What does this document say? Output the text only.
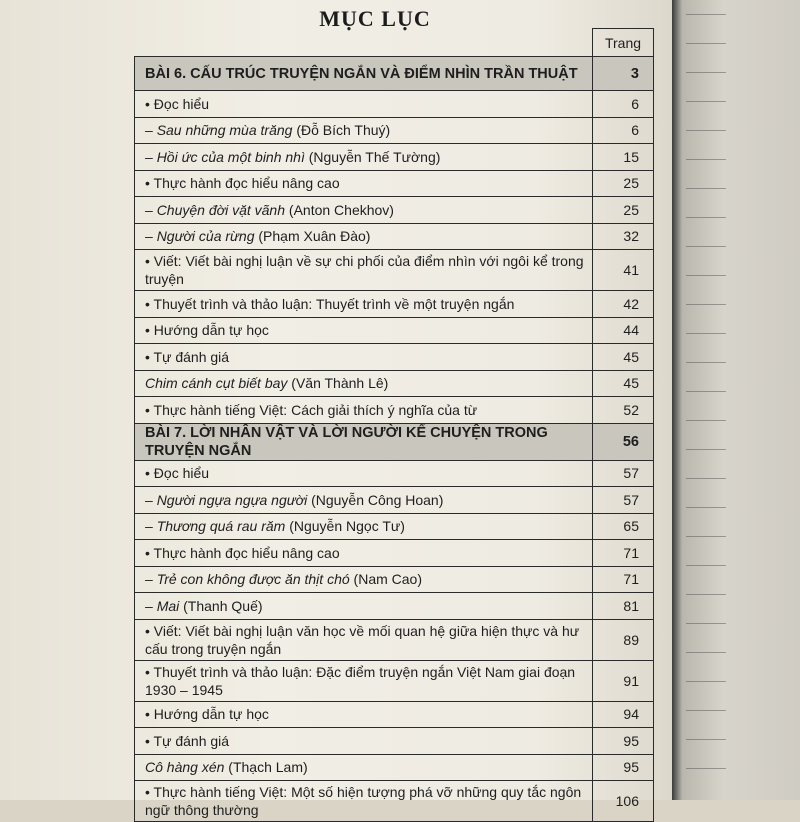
MỤC LỤC
	Trang
BÀI 6. CẤU TRÚC TRUYỆN NGẮN VÀ ĐIỂM NHÌN TRẦN THUẬT	3
• Đọc hiểu	6
– Sau những mùa trăng (Đỗ Bích Thuý)	6
– Hồi ức của một binh nhì (Nguyễn Thế Tường)	15
• Thực hành đọc hiểu nâng cao	25
– Chuyện đời vặt vãnh (Anton Chekhov)	25
– Người của rừng (Phạm Xuân Đào)	32
• Viết: Viết bài nghị luận về sự chi phối của điểm nhìn với ngôi kể trong truyện	41
• Thuyết trình và thảo luận: Thuyết trình về một truyện ngắn	42
• Hướng dẫn tự học	44
• Tự đánh giá	45
Chim cánh cụt biết bay (Văn Thành Lê)	45
• Thực hành tiếng Việt: Cách giải thích ý nghĩa của từ	52
BÀI 7. LỜI NHÂN VẬT VÀ LỜI NGƯỜI KỂ CHUYỆN TRONG TRUYỆN NGẮN	56
• Đọc hiểu	57
– Người ngựa ngựa người (Nguyễn Công Hoan)	57
– Thương quá rau răm (Nguyễn Ngọc Tư)	65
• Thực hành đọc hiểu nâng cao	71
– Trẻ con không được ăn thịt chó (Nam Cao)	71
– Mai (Thanh Quế)	81
• Viết: Viết bài nghị luận văn học về mối quan hệ giữa hiện thực và hư cấu trong truyện ngắn	89
• Thuyết trình và thảo luận: Đặc điểm truyện ngắn Việt Nam giai đoạn 1930 – 1945	91
• Hướng dẫn tự học	94
• Tự đánh giá	95
Cô hàng xén (Thạch Lam)	95
• Thực hành tiếng Việt: Một số hiện tượng phá vỡ những quy tắc ngôn ngữ thông thường	106
